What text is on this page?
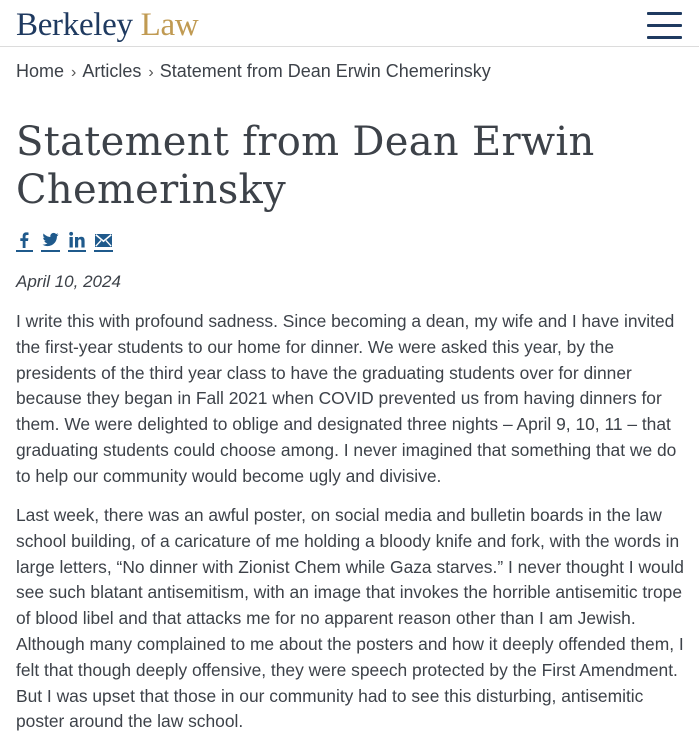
Berkeley Law
Home › Articles › Statement from Dean Erwin Chemerinsky
Statement from Dean Erwin Chemerinsky
April 10, 2024

I write this with profound sadness. Since becoming a dean, my wife and I have invited the first-year students to our home for dinner. We were asked this year, by the presidents of the third year class to have the graduating students over for dinner because they began in Fall 2021 when COVID prevented us from having dinners for them. We were delighted to oblige and designated three nights – April 9, 10, 11 – that graduating students could choose among. I never imagined that something that we do to help our community would become ugly and divisive.

Last week, there was an awful poster, on social media and bulletin boards in the law school building, of a caricature of me holding a bloody knife and fork, with the words in large letters, “No dinner with Zionist Chem while Gaza starves.” I never thought I would see such blatant antisemitism, with an image that invokes the horrible antisemitic trope of blood libel and that attacks me for no apparent reason other than I am Jewish. Although many complained to me about the posters and how it deeply offended them, I felt that though deeply offensive, they were speech protected by the First Amendment. But I was upset that those in our community had to see this disturbing, antisemitic poster around the law school.
